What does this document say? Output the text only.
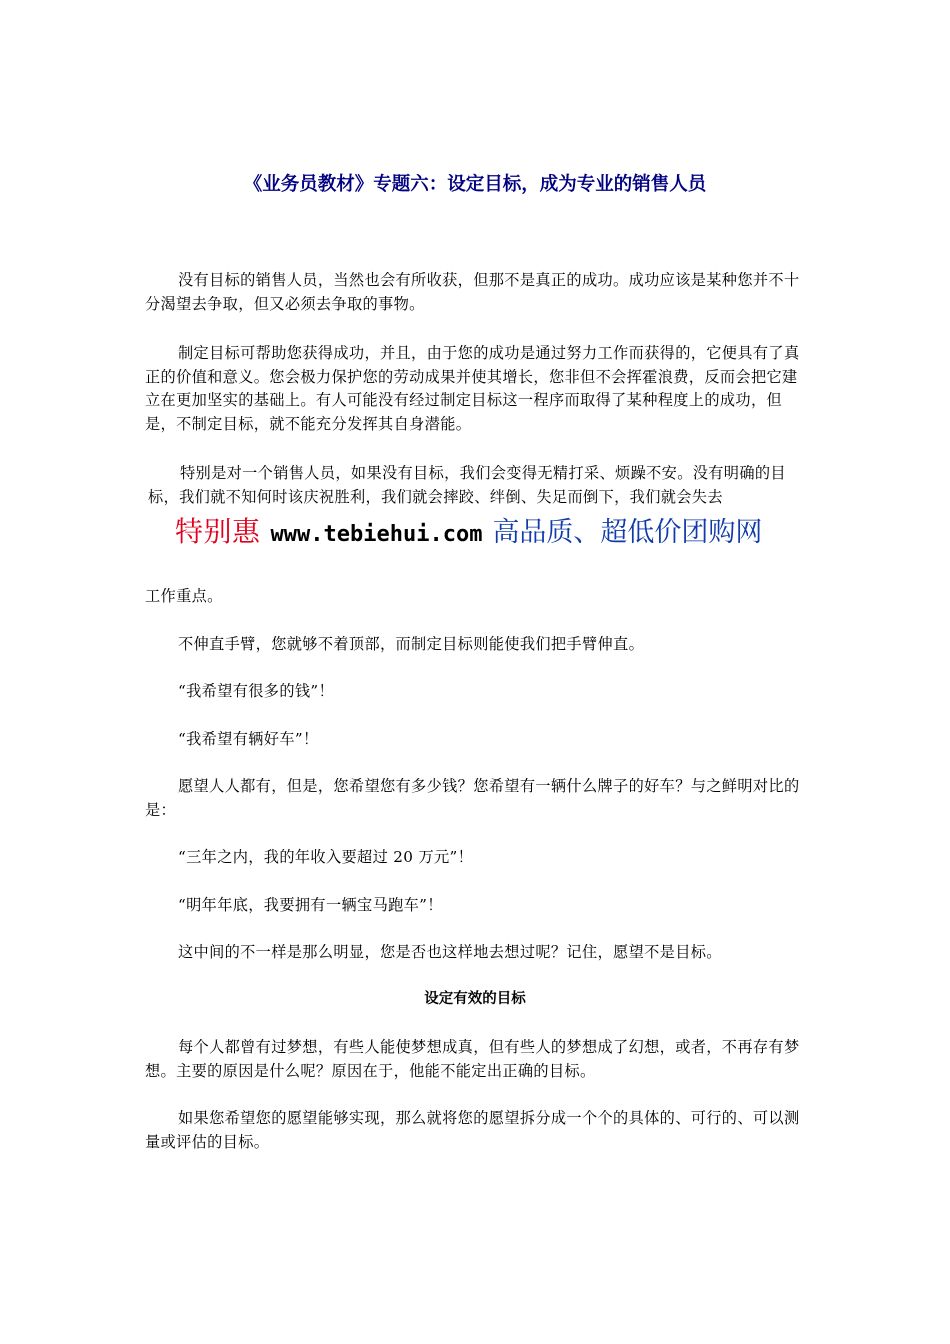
《业务员教材》专题六：设定目标，成为专业的销售人员

没有目标的销售人员，当然也会有所收获，但那不是真正的成功。成功应该是某种您并不十分渴望去争取，但又必须去争取的事物。

制定目标可帮助您获得成功，并且，由于您的成功是通过努力工作而获得的，它便具有了真正的价值和意义。您会极力保护您的劳动成果并使其增长，您非但不会挥霍浪费，反而会把它建立在更加坚实的基础上。有人可能没有经过制定目标这一程序而取得了某种程度上的成功，但是，不制定目标，就不能充分发挥其自身潜能。

特别是对一个销售人员，如果没有目标，我们会变得无精打采、烦躁不安。没有明确的目标，我们就不知何时该庆祝胜利，我们就会摔跤、绊倒、失足而倒下，我们就会失去

特别惠 www.tebiehui.com 高品质、超低价团购网

工作重点。

不伸直手臂，您就够不着顶部，而制定目标则能使我们把手臂伸直。

“我希望有很多的钱”！

“我希望有辆好车”！

愿望人人都有，但是，您希望您有多少钱？您希望有一辆什么牌子的好车？与之鲜明对比的是：

“三年之内，我的年收入要超过 20 万元”！

“明年年底，我要拥有一辆宝马跑车”！

这中间的不一样是那么明显，您是否也这样地去想过呢？记住，愿望不是目标。

设定有效的目标

每个人都曾有过梦想，有些人能使梦想成真，但有些人的梦想成了幻想，或者，不再存有梦想。主要的原因是什么呢？原因在于，他能不能定出正确的目标。

如果您希望您的愿望能够实现，那么就将您的愿望拆分成一个个的具体的、可行的、可以测量或评估的目标。
